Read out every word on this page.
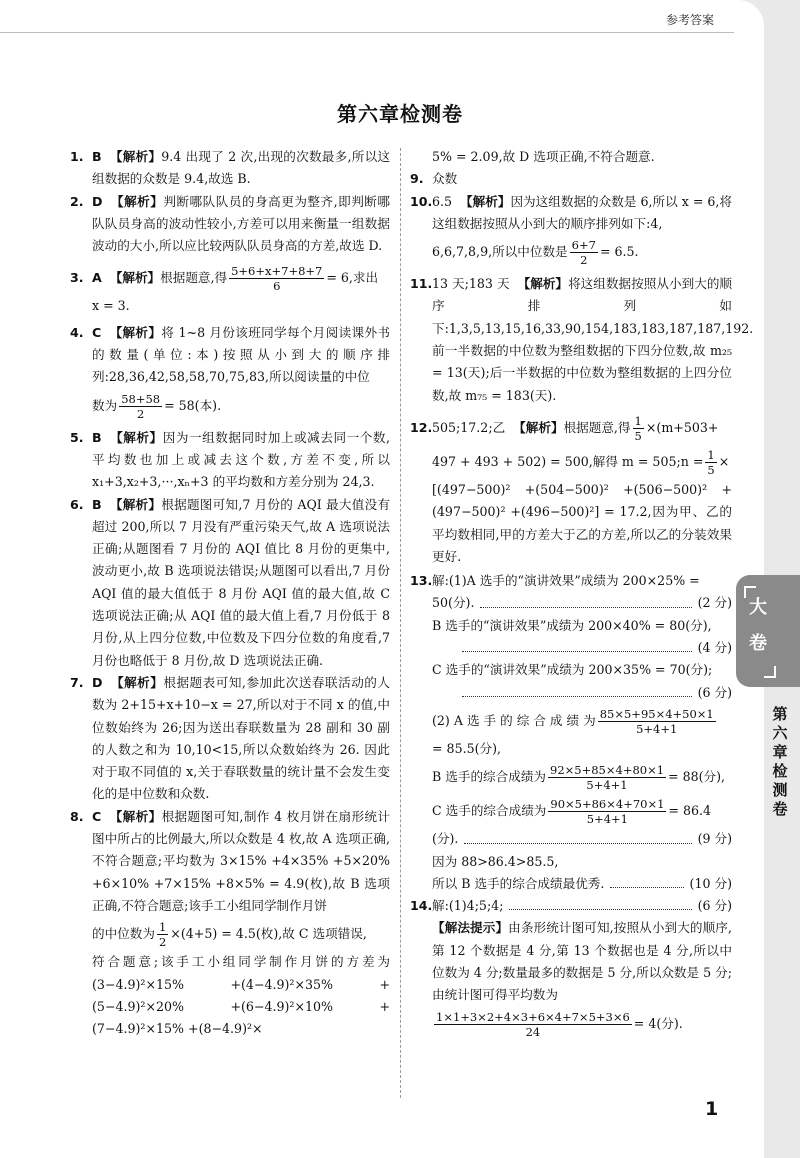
参考答案
第六章检测卷

1. B 【解析】9.4 出现了 2 次,出现的次数最多,所以这组数据的众数是 9.4,故选 B.

2. D 【解析】判断哪队队员的身高更为整齐,即判断哪队队员身高的波动性较小,方差可以用来衡量一组数据波动的大小,所以应比较两队队员身高的方差,故选 D.

3. A 【解析】根据题意,得 $\frac{5+6+x+7+8+7}{6} = 6$,求出

x = 3.

4. C 【解析】将 1~8 月份该班同学每个月阅读课外书的数量(单位:本)按照从小到大的顺序排列:28,36,42,58,58,70,75,83,所以阅读量的中位

数为 $\frac{58+58}{2} = 58$(本).

5. B 【解析】因为一组数据同时加上或减去同一个数,平均数也加上或减去这个数,方差不变,所以 x₁+3,x₂+3,···,xₙ+3 的平均数和方差分别为 24,3.

6. B 【解析】根据题图可知,7 月份的 AQI 最大值没有超过 200,所以 7 月没有严重污染天气,故 A 选项说法正确;从题图看 7 月份的 AQI 值比 8 月份的更集中,波动更小,故 B 选项说法错误;从题图可以看出,7 月份 AQI 值的最大值低于 8 月份 AQI 值的最大值,故 C 选项说法正确;从 AQI 值的最大值上看,7 月份低于 8 月份,从上四分位数,中位数及下四分位数的角度看,7 月份也略低于 8 月份,故 D 选项说法正确.

7. D 【解析】根据题表可知,参加此次送春联活动的人数为 2+15+x+10−x = 27,所以对于不同 x 的值,中位数始终为 26;因为送出春联数量为 28 副和 30 副的人数之和为 10,10<15,所以众数始终为 26. 因此对于取不同值的 x,关于春联数量的统计量不会发生变化的是中位数和众数.

8. C 【解析】根据题图可知,制作 4 枚月饼在扇形统计图中所占的比例最大,所以众数是 4 枚,故 A 选项正确,不符合题意;平均数为 3×15% +4×35% +5×20% +6×10% +7×15% +8×5% = 4.9(枚),故 B 选项正确,不符合题意;该手工小组同学制作月饼

的中位数为 $\frac{1}{2} \times(4+5) = 4.5$(枚),故 C 选项错误,

符合题意;该手工小组同学制作月饼的方差为(3−4.9)²×15% +(4−4.9)²×35% +(5−4.9)²×20% +(6−4.9)²×10% +(7−4.9)²×15% +(8−4.9)²×

5% = 2.09,故 D 选项正确,不符合题意.

9. 众数

10. 6.5 【解析】因为这组数据的众数是 6,所以 x = 6,将这组数据按照从小到大的顺序排列如下:4,

6,6,7,8,9,所以中位数是 $\frac{6+7}{2} = 6.5$.

11. 13 天;183 天 【解析】将这组数据按照从小到大的顺序排列如下:1,3,5,13,15,16,33,90,154,183,183,187,187,192. 前一半数据的中位数为整组数据的下四分位数,故 m₂₅ = 13(天);后一半数据的中位数为整组数据的上四分位数,故 m₇₅ = 183(天).

12. 505;17.2;乙 【解析】根据题意,得 $\frac{1}{5} \times(m+503+$

497 + 493 + 502) = 500,解得 m = 505;n = $\frac{1}{5}$ ×

[(497−500)² +(504−500)² +(506−500)² +(497−500)² +(496−500)²] = 17.2,因为甲、乙的平均数相同,甲的方差大于乙的方差,所以乙的分装效果更好.

13. 解:(1)A 选手的“演讲效果”成绩为 200×25% =

50(分).	(2 分)

B 选手的“演讲效果”成绩为 200×40% = 80(分),

(4 分)

C 选手的“演讲效果”成绩为 200×35% = 70(分);

(6 分)

(2) A 选 手 的 综 合 成 绩 为 $\frac{85\times 5+95\times 4+50\times 1}{5+4+1}$

= 85.5(分),

B 选手的综合成绩为 $\frac{92\times 5+85\times 4+80\times 1}{5+4+1} = 88$(分),

C 选手的综合成绩为 $\frac{90\times 5+86\times 4+70\times 1}{5+4+1} = 86.4$

(分).	(9 分)

因为 88>86.4>85.5,

所以 B 选手的综合成绩最优秀.	(10 分)
14. 解:(1)4;5;4;	(6 分)

【解法提示】由条形统计图可知,按照从小到大的顺序,第 12 个数据是 4 分,第 13 个数据也是 4 分,所以中位数为 4 分;数量最多的数据是 5 分,所以众数是 5 分;由统计图可得平均数为

$\frac{1\times 1+3\times 2+4\times 3+6\times 4+7\times 5+3\times 6}{24} = 4$(分).

1
大
卷
第六章检测卷
